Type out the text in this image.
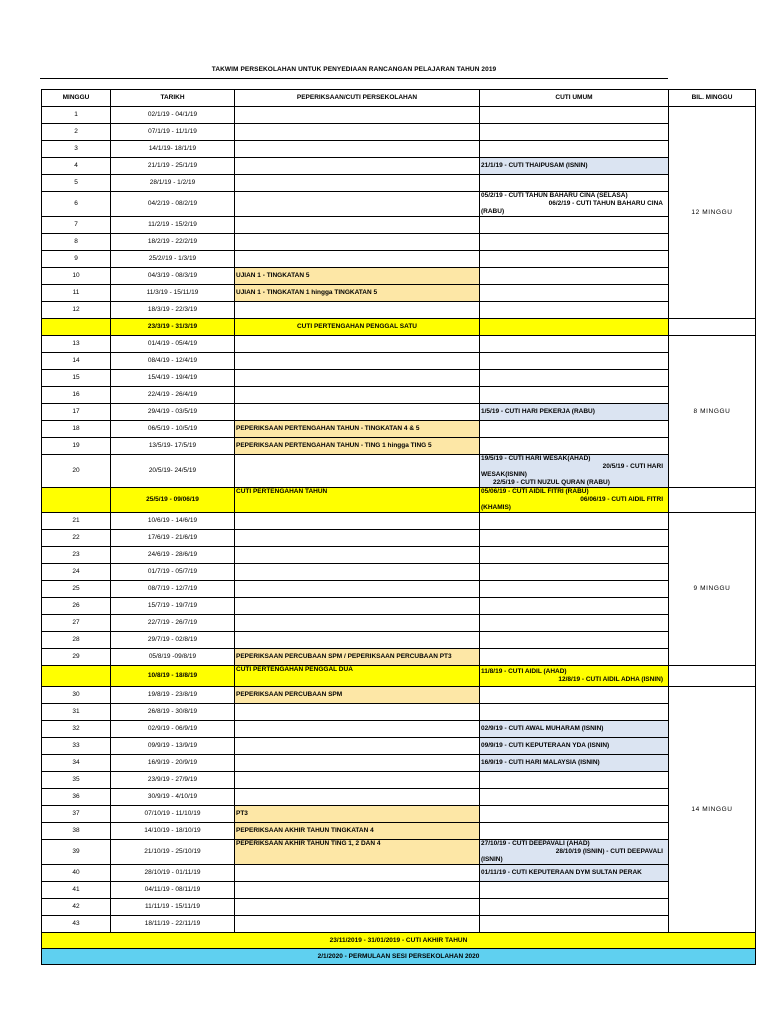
TAKWIM PERSEKOLAHAN UNTUK PENYEDIAAN RANCANGAN PELAJARAN TAHUN 2019
MINGGU	TARIKH	PEPERIKSAAN/CUTI PERSEKOLAHAN	CUTI UMUM	BIL. MINGGU
1	02/1/19 - 04/1/19			12 MINGGU
2	07/1/19 - 11/1/19			
3	14/1/19- 18/1/19			
4	21/1/19 - 25/1/19		21/1/19 - CUTI THAIPUSAM (ISNIN)	
5	28/1/19 - 1/2/19			
6	04/2/19 - 08/2/19		05/2/19 - CUTI TAHUN BAHARU CINA (SELASA)
06/2/19 - CUTI TAHUN BAHARU CINA
(RABU)	

7	11/2/19 - 15/2/19			
8	18/2/19 - 22/2/19			
9	25/2//19 - 1/3/19			
10	04/3/19 - 08/3/19	UJIAN 1 - TINGKATAN 5		
11	11/3/19 - 15/11/19	UJIAN 1 - TINGKATAN 1 hingga TINGKATAN 5		
12	18/3/19 - 22/3/19			
	23/3/19 - 31/3/19	CUTI PERTENGAHAN PENGGAL SATU		
13	01/4/19 - 05/4/19			8 MINGGU
14	08/4/19 - 12/4/19			
15	15/4/19 - 19/4/19			
16	22/4/19 - 26/4/19			
17	29/4/19 - 03/5/19		1/5/19 - CUTI HARI PEKERJA (RABU)	
18	06/5/19 - 10/5/19	PEPERIKSAAN PERTENGAHAN TAHUN - TINGKATAN 4 & 5		
19	13/5/19- 17/5/19	PEPERIKSAAN PERTENGAHAN TAHUN - TING 1 hingga TING 5		
20	20/5/19- 24/5/19		19/5/19 - CUTI HARI WESAK(AHAD)
20/5/19 - CUTI HARI
WESAK(ISNIN)
22/5/19 - CUTI NUZUL QURAN (RABU)	

	25/5/19 - 09/06/19	CUTI PERTENGAHAN TAHUN	05/06/19 - CUTI AIDIL FITRI (RABU)
06/06/19 - CUTI AIDIL FITRI
(KHAMIS)	

21	10/6/19 - 14/6/19			9 MINGGU
22	17/6/19 - 21/6/19			
23	24/6/19 - 28/6/19			
24	01/7/19 - 05/7/19			
25	08/7/19 - 12/7/19			
26	15/7/19 - 19/7/19			
27	22/7/19 - 26/7/19			
28	29/7/19 - 02/8/19			
29	05/8/19 -09/8/19	PEPERIKSAAN PERCUBAAN SPM / PEPERIKSAAN PERCUBAAN PT3		
	10/8/19 - 18/8/19	CUTI PERTENGAHAN PENGGAL DUA	11/8/19 - CUTI AIDIL (AHAD)
12/8/19 - CUTI AIDIL ADHA (ISNIN)	

30	19/8/19 - 23/8/19	PEPERIKSAAN PERCUBAAN SPM		14 MINGGU
31	26/8/19 - 30/8/19			
32	02/9/19 - 06/9/19		02/9/19 - CUTI AWAL MUHARAM (ISNIN)	
33	09/9/19 - 13/9/19		09/9/19 - CUTI KEPUTERAAN YDA (ISNIN)	
34	16/9/19 - 20/9/19		16/9/19 - CUTI HARI MALAYSIA (ISNIN)	
35	23/9/19 - 27/9/19			
36	30/9/19 - 4/10/19			
37	07/10/19 - 11/10/19	PT3		
38	14/10/19 - 18/10/19	PEPERIKSAAN AKHIR TAHUN TINGKATAN 4		
39	21/10/19 - 25/10/19	PEPERIKSAAN AKHIR TAHUN TING 1, 2 DAN 4	27/10/19 - CUTI DEEPAVALI (AHAD)
28/10/19 (ISNIN) - CUTI DEEPAVALI
(ISNIN)	

40	28/10/19 - 01/11/19		01/11/19 - CUTI KEPUTERAAN DYM SULTAN PERAK	
41	04/11/19 - 08/11/19			
42	11/11/19 - 15/11/19			
43	18/11/19 - 22/11/19			
23/11/2019 - 31/01/2019 - CUTI AKHIR TAHUN				
2/1/2020 - PERMULAAN SESI PERSEKOLAHAN 2020				
